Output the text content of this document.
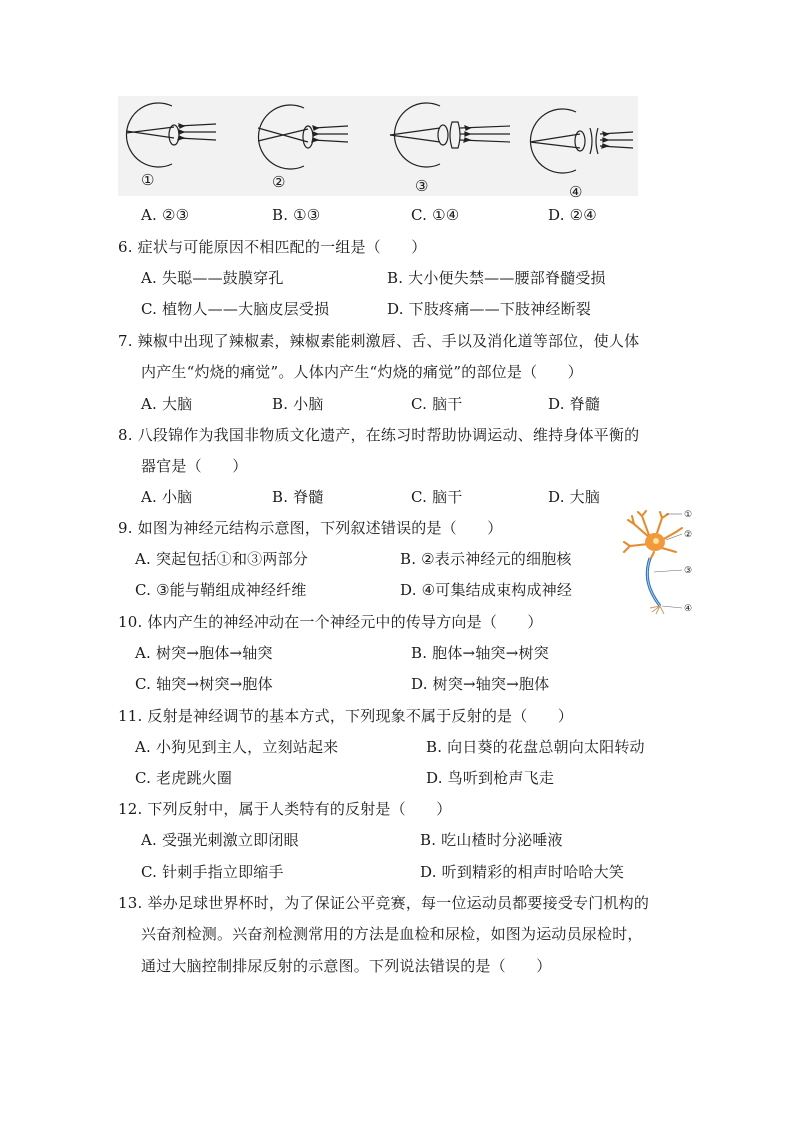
①	②	③	④
A. ②③	B. ①③	C. ①④	D. ②④
6. 症状与可能原因不相匹配的一组是（　　）
A. 失聪——鼓膜穿孔	B. 大小便失禁——腰部脊髓受损
C. 植物人——大脑皮层受损	D. 下肢疼痛——下肢神经断裂
7. 辣椒中出现了辣椒素，辣椒素能刺激唇、舌、手以及消化道等部位，使人体
内产生“灼烧的痛觉”。人体内产生“灼烧的痛觉”的部位是（　　）
A. 大脑	B. 小脑	C. 脑干	D. 脊髓
8. 八段锦作为我国非物质文化遗产，在练习时帮助协调运动、维持身体平衡的
器官是（　　）
A. 小脑	B. 脊髓	C. 脑干	D. 大脑
9. 如图为神经元结构示意图，下列叙述错误的是（　　）
A. 突起包括①和③两部分	B. ②表示神经元的细胞核
C. ③能与鞘组成神经纤维	D. ④可集结成束构成神经
①
②
③
④
10. 体内产生的神经冲动在一个神经元中的传导方向是（　　）
A. 树突→胞体→轴突	B. 胞体→轴突→树突
C. 轴突→树突→胞体	D. 树突→轴突→胞体
11. 反射是神经调节的基本方式，下列现象不属于反射的是（　　）
A. 小狗见到主人，立刻站起来	B. 向日葵的花盘总朝向太阳转动
C. 老虎跳火圈	D. 鸟听到枪声飞走
12. 下列反射中，属于人类特有的反射是（　　）
A. 受强光刺激立即闭眼	B. 吃山楂时分泌唾液
C. 针刺手指立即缩手	D. 听到精彩的相声时哈哈大笑
13. 举办足球世界杯时，为了保证公平竞赛，每一位运动员都要接受专门机构的
兴奋剂检测。兴奋剂检测常用的方法是血检和尿检，如图为运动员尿检时，
通过大脑控制排尿反射的示意图。下列说法错误的是（　　）
